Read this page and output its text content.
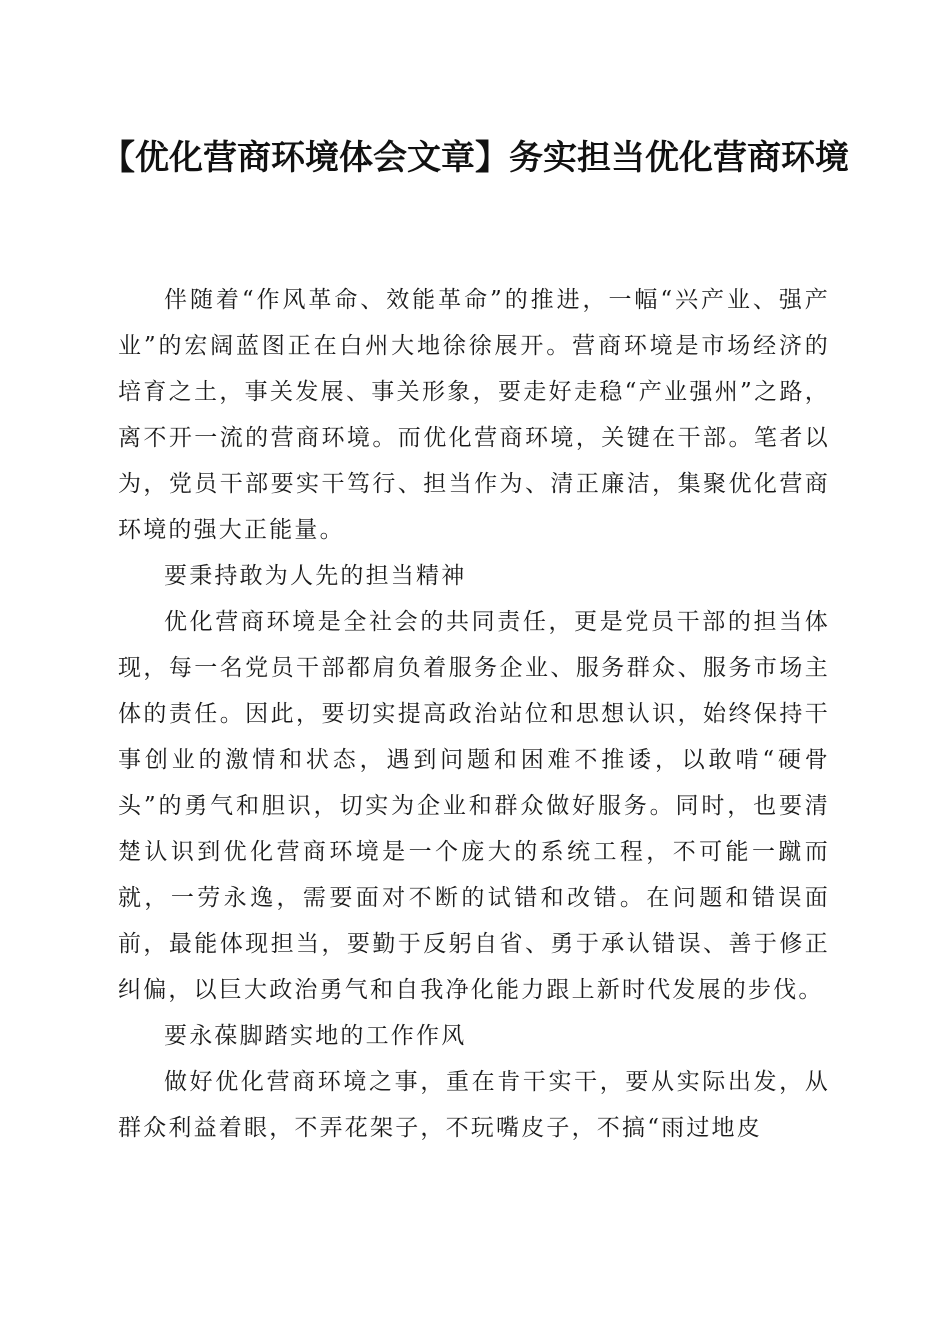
【优化营商环境体会文章】务实担当优化营商环境

伴随着“作风革命、效能革命”的推进，一幅“兴产业、强产业”的宏阔蓝图正在白州大地徐徐展开。营商环境是市场经济的培育之土，事关发展、事关形象，要走好走稳“产业强州”之路，离不开一流的营商环境。而优化营商环境，关键在干部。笔者以为，党员干部要实干笃行、担当作为、清正廉洁，集聚优化营商环境的强大正能量。

要秉持敢为人先的担当精神

优化营商环境是全社会的共同责任，更是党员干部的担当体现，每一名党员干部都肩负着服务企业、服务群众、服务市场主体的责任。因此，要切实提高政治站位和思想认识，始终保持干事创业的激情和状态，遇到问题和困难不推诿，以敢啃“硬骨头”的勇气和胆识，切实为企业和群众做好服务。同时，也要清楚认识到优化营商环境是一个庞大的系统工程，不可能一蹴而就，一劳永逸，需要面对不断的试错和改错。在问题和错误面前，最能体现担当，要勤于反躬自省、勇于承认错误、善于修正纠偏，以巨大政治勇气和自我净化能力跟上新时代发展的步伐。

要永葆脚踏实地的工作作风

做好优化营商环境之事，重在肯干实干，要从实际出发，从群众利益着眼，不弄花架子，不玩嘴皮子，不搞“雨过地皮
